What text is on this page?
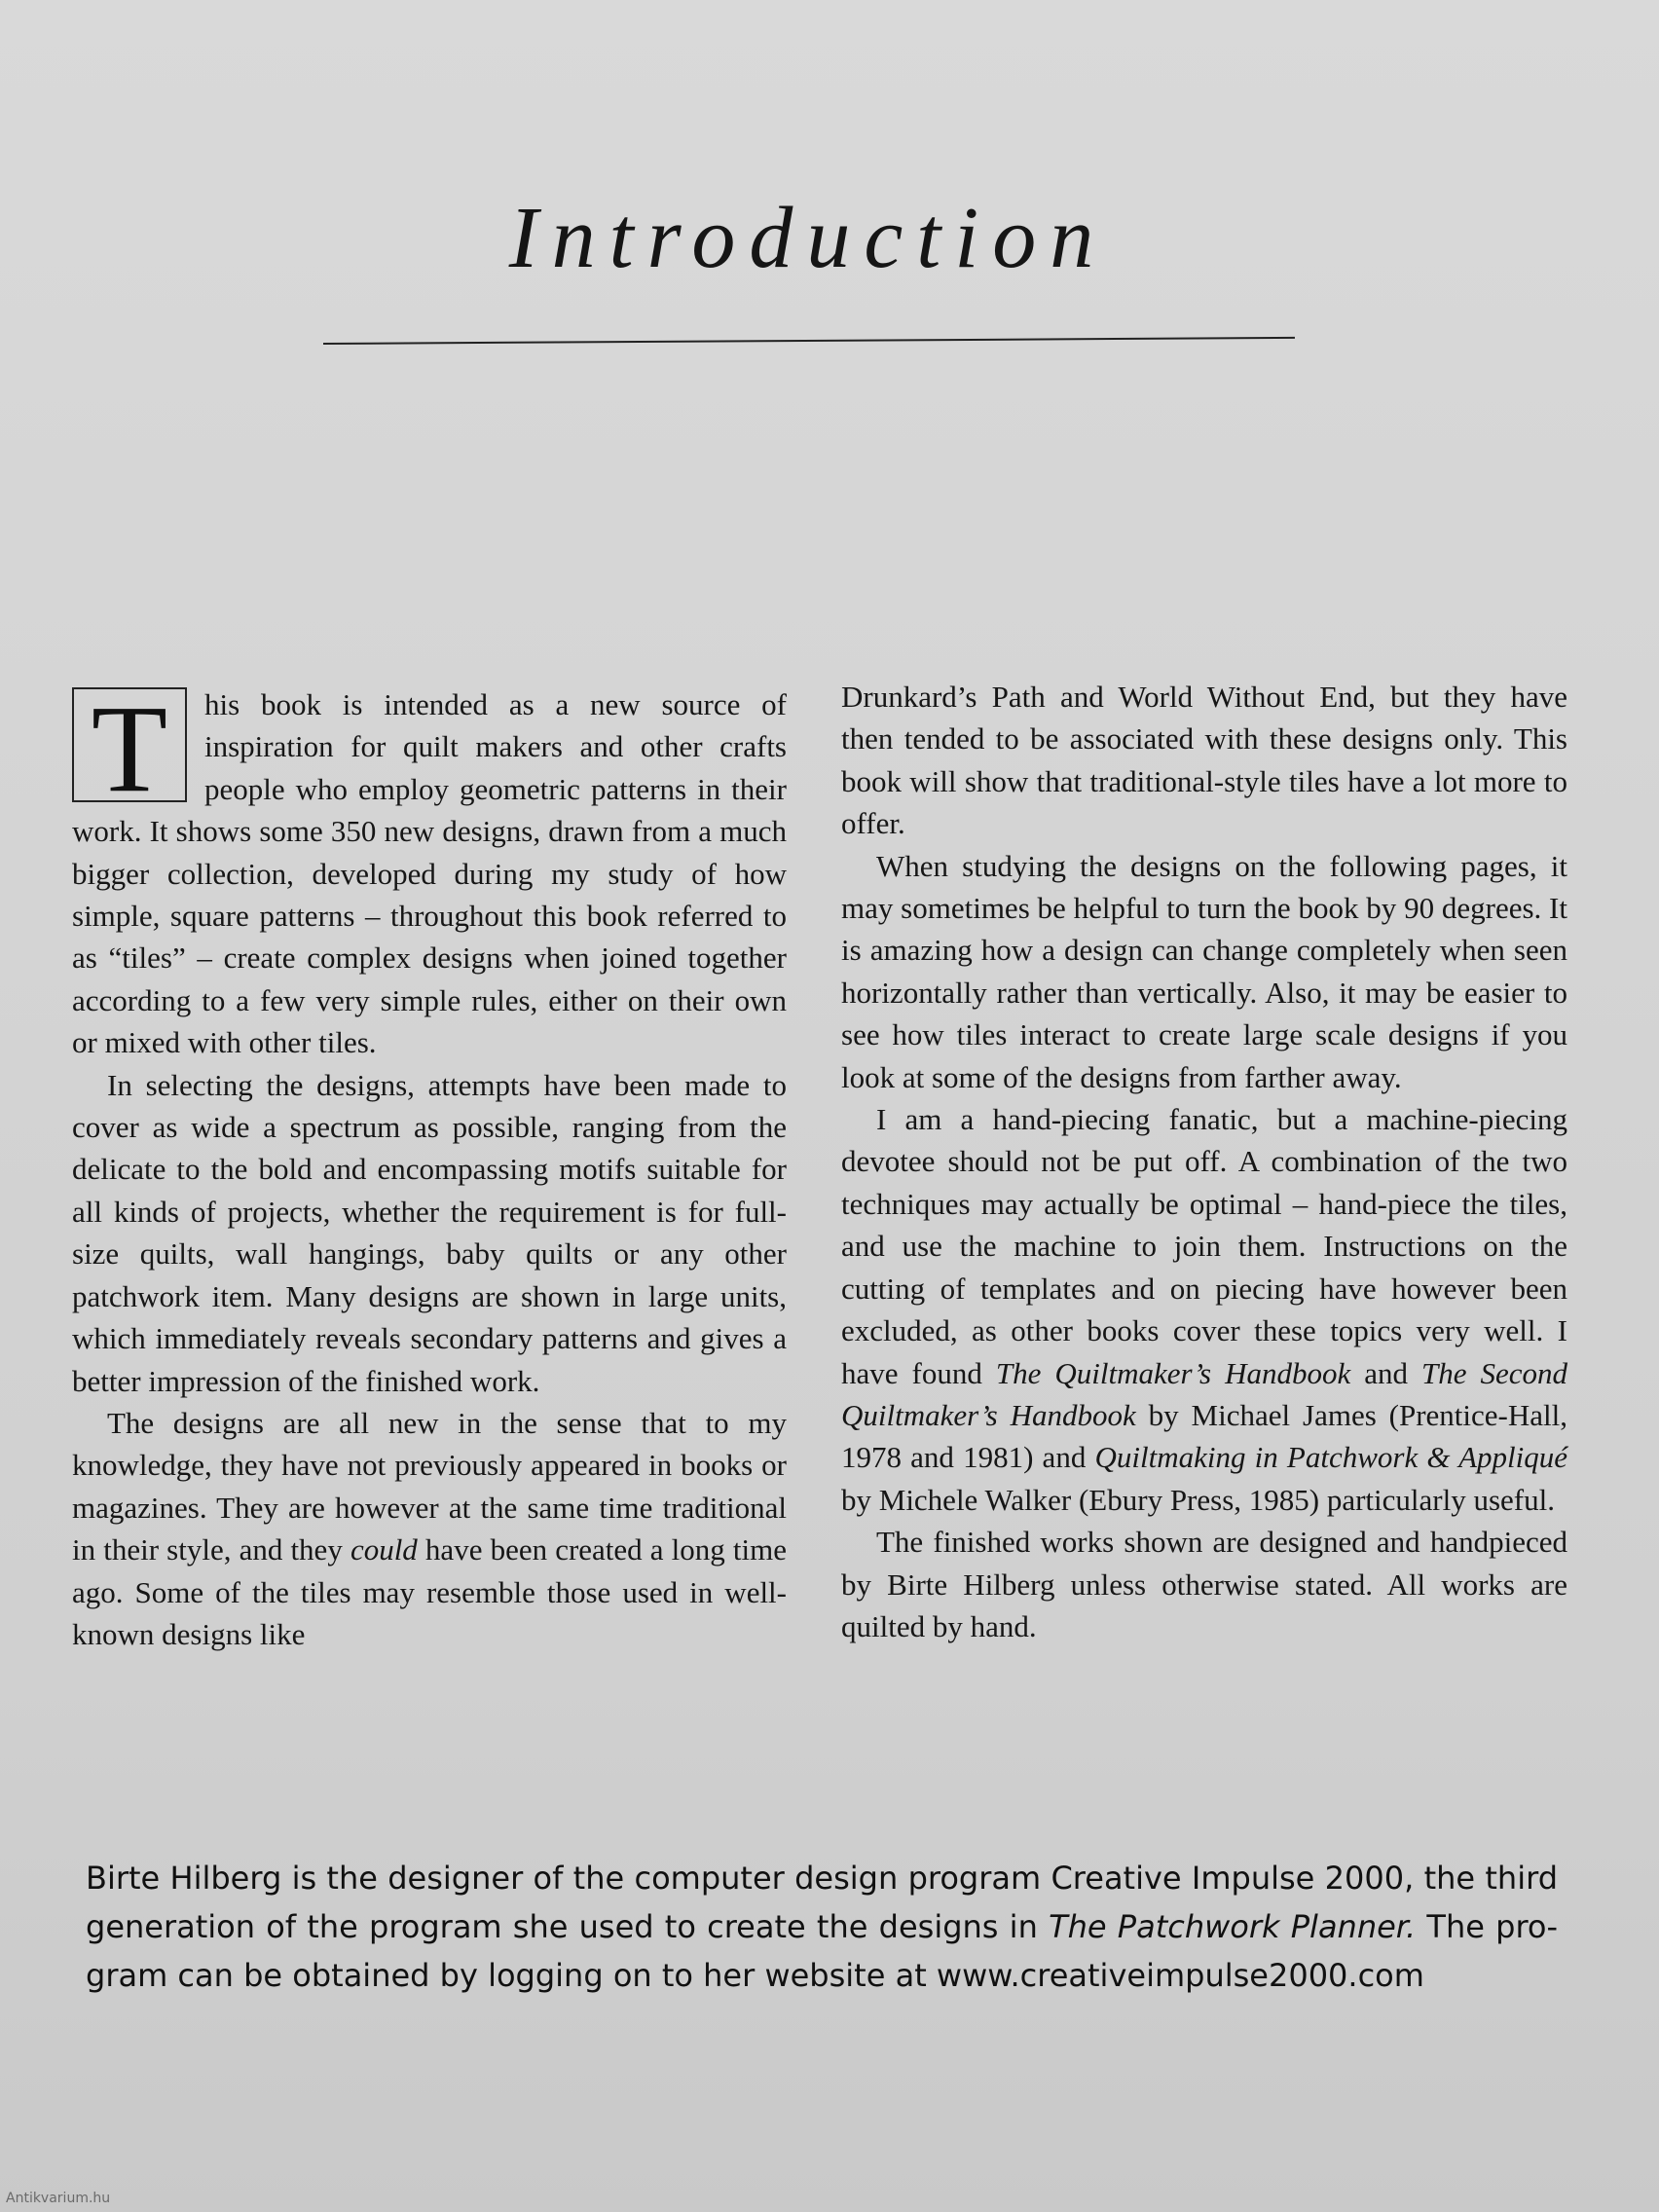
Introduction

T	his book is intended as a new source of inspiration for quilt makers and other crafts people who employ geometric patterns in their work. It shows some 350 new designs, drawn from a much bigger collection, developed during my study of how simple, square patterns – throughout this book referred to as “tiles” – create complex designs when joined together according to a few very simple rules, either on their own or mixed with other tiles.

In selecting the designs, attempts have been made to cover as wide a spectrum as possible, ranging from the delicate to the bold and encompassing motifs suitable for all kinds of projects, whether the requirement is for full-size quilts, wall hangings, baby quilts or any other patchwork item. Many designs are shown in large units, which immediately reveals secondary patterns and gives a better impression of the finished work.

The designs are all new in the sense that to my knowledge, they have not previously appeared in books or magazines. They are however at the same time traditional in their style, and they could have been created a long time ago. Some of the tiles may resemble those used in well-known designs like

Drunkard’s Path and World Without End, but they have then tended to be associated with these designs only. This book will show that traditional-style tiles have a lot more to offer.

When studying the designs on the following pages, it may sometimes be helpful to turn the book by 90 degrees. It is amazing how a design can change completely when seen horizontally rather than vertically. Also, it may be easier to see how tiles interact to create large scale designs if you look at some of the designs from farther away.

I am a hand-piecing fanatic, but a machine-piecing devotee should not be put off. A combination of the two techniques may actually be optimal – hand-piece the tiles, and use the machine to join them. Instructions on the cutting of templates and on piecing have however been excluded, as other books cover these topics very well. I have found The Quiltmaker’s Handbook and The Second Quiltmaker’s Handbook by Michael James (Prentice-Hall, 1978 and 1981) and Quiltmaking in Patchwork & Appliqué by Michele Walker (Ebury Press, 1985) particularly useful.

The finished works shown are designed and handpieced by Birte Hilberg unless otherwise stated. All works are quilted by hand.

Birte Hilberg is the designer of the computer design program Creative Impulse 2000, the third generation of the program she used to create the designs in The Patchwork Planner. The program can be obtained by logging on to her website at www.creativeimpulse2000.com

Antikvarium.hu
